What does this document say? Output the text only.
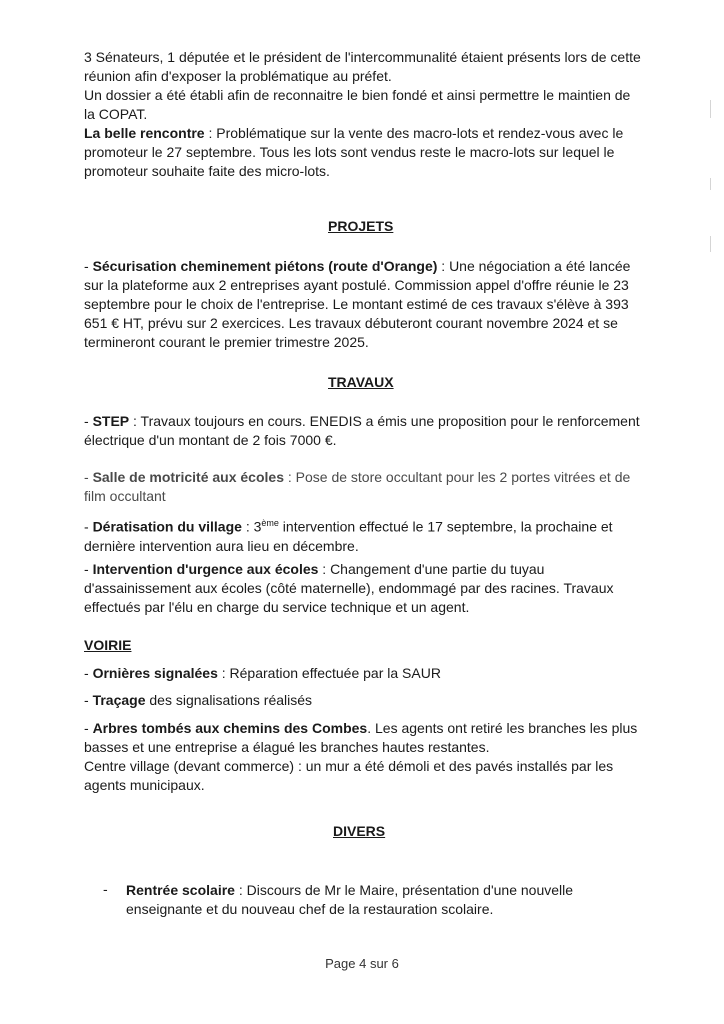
3 Sénateurs, 1 députée et le président de l'intercommunalité étaient présents lors de cette réunion afin d'exposer la problématique au préfet.

Un dossier a été établi afin de reconnaitre le bien fondé et ainsi permettre le maintien de la COPAT.

La belle rencontre : Problématique sur la vente des macro-lots et rendez-vous avec le promoteur le 27 septembre. Tous les lots sont vendus reste le macro-lots sur lequel le promoteur souhaite faite des micro-lots.

PROJETS

- Sécurisation cheminement piétons (route d'Orange) : Une négociation a été lancée sur la plateforme aux 2 entreprises ayant postulé. Commission appel d'offre réunie le 23 septembre pour le choix de l'entreprise. Le montant estimé de ces travaux s'élève à 393 651 € HT, prévu sur 2 exercices. Les travaux débuteront courant novembre 2024 et se termineront courant le premier trimestre 2025.

TRAVAUX

- STEP : Travaux toujours en cours. ENEDIS a émis une proposition pour le renforcement électrique d'un montant de 2 fois 7000 €.

- Salle de motricité aux écoles : Pose de store occultant pour les 2 portes vitrées et de film occultant

- Dératisation du village : 3ème intervention effectué le 17 septembre, la prochaine et dernière intervention aura lieu en décembre.

- Intervention d'urgence aux écoles : Changement d'une partie du tuyau d'assainissement aux écoles (côté maternelle), endommagé par des racines. Travaux effectués par l'élu en charge du service technique et un agent.

VOIRIE

- Ornières signalées : Réparation effectuée par la SAUR

- Traçage des signalisations réalisés

- Arbres tombés aux chemins des Combes. Les agents ont retiré les branches les plus basses et une entreprise a élagué les branches hautes restantes.

Centre village (devant commerce) : un mur a été démoli et des pavés installés par les agents municipaux.

DIVERS
- Rentrée scolaire : Discours de Mr le Maire, présentation d'une nouvelle enseignante et du nouveau chef de la restauration scolaire.

Page 4 sur 6
